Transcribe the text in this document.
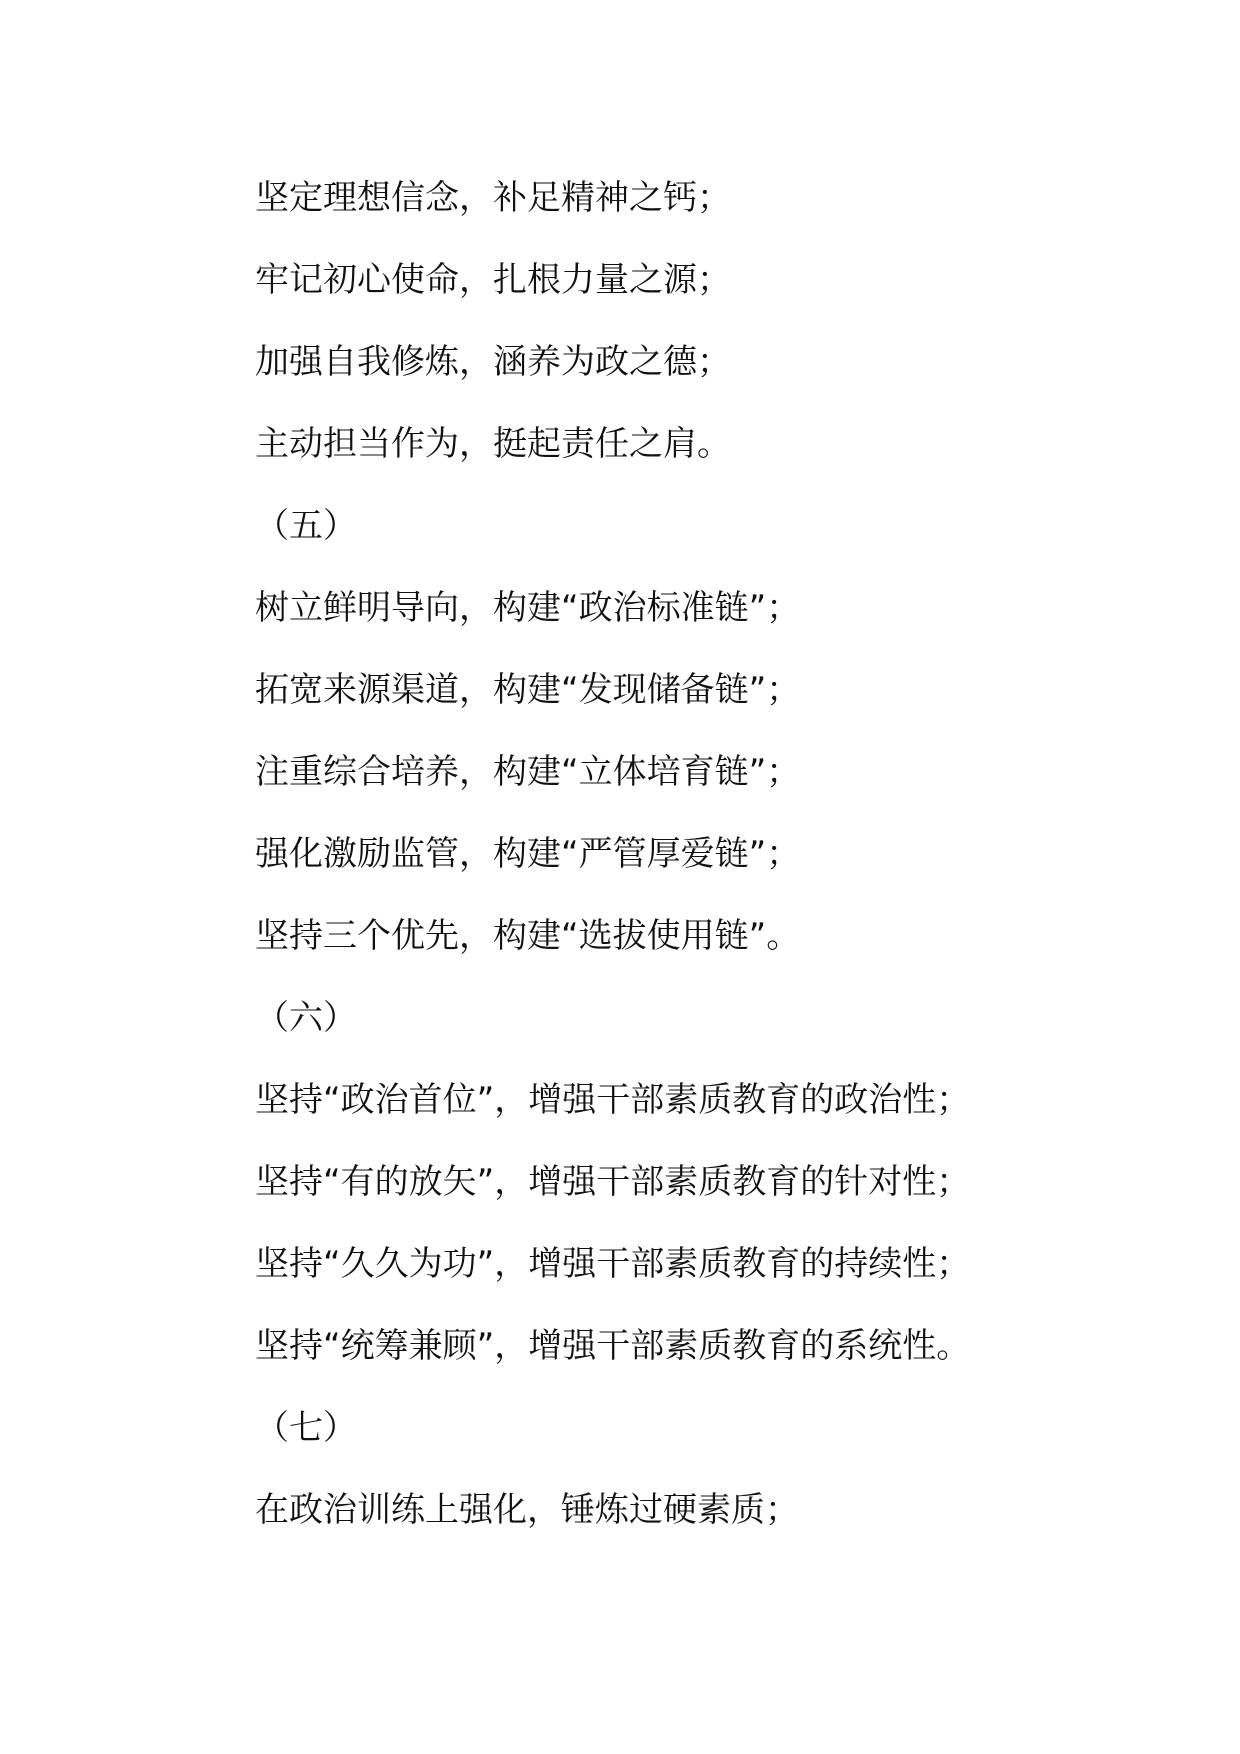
坚定理想信念，补足精神之钙；
牢记初心使命，扎根力量之源；
加强自我修炼，涵养为政之德；
主动担当作为，挺起责任之肩。
（五）
树立鲜明导向，构建“政治标准链”；
拓宽来源渠道，构建“发现储备链”；
注重综合培养，构建“立体培育链”；
强化激励监管，构建“严管厚爱链”；
坚持三个优先，构建“选拔使用链”。
（六）
坚持“政治首位”，增强干部素质教育的政治性；
坚持“有的放矢”，增强干部素质教育的针对性；
坚持“久久为功”，增强干部素质教育的持续性；
坚持“统筹兼顾”，增强干部素质教育的系统性。
（七）
在政治训练上强化，锤炼过硬素质；
